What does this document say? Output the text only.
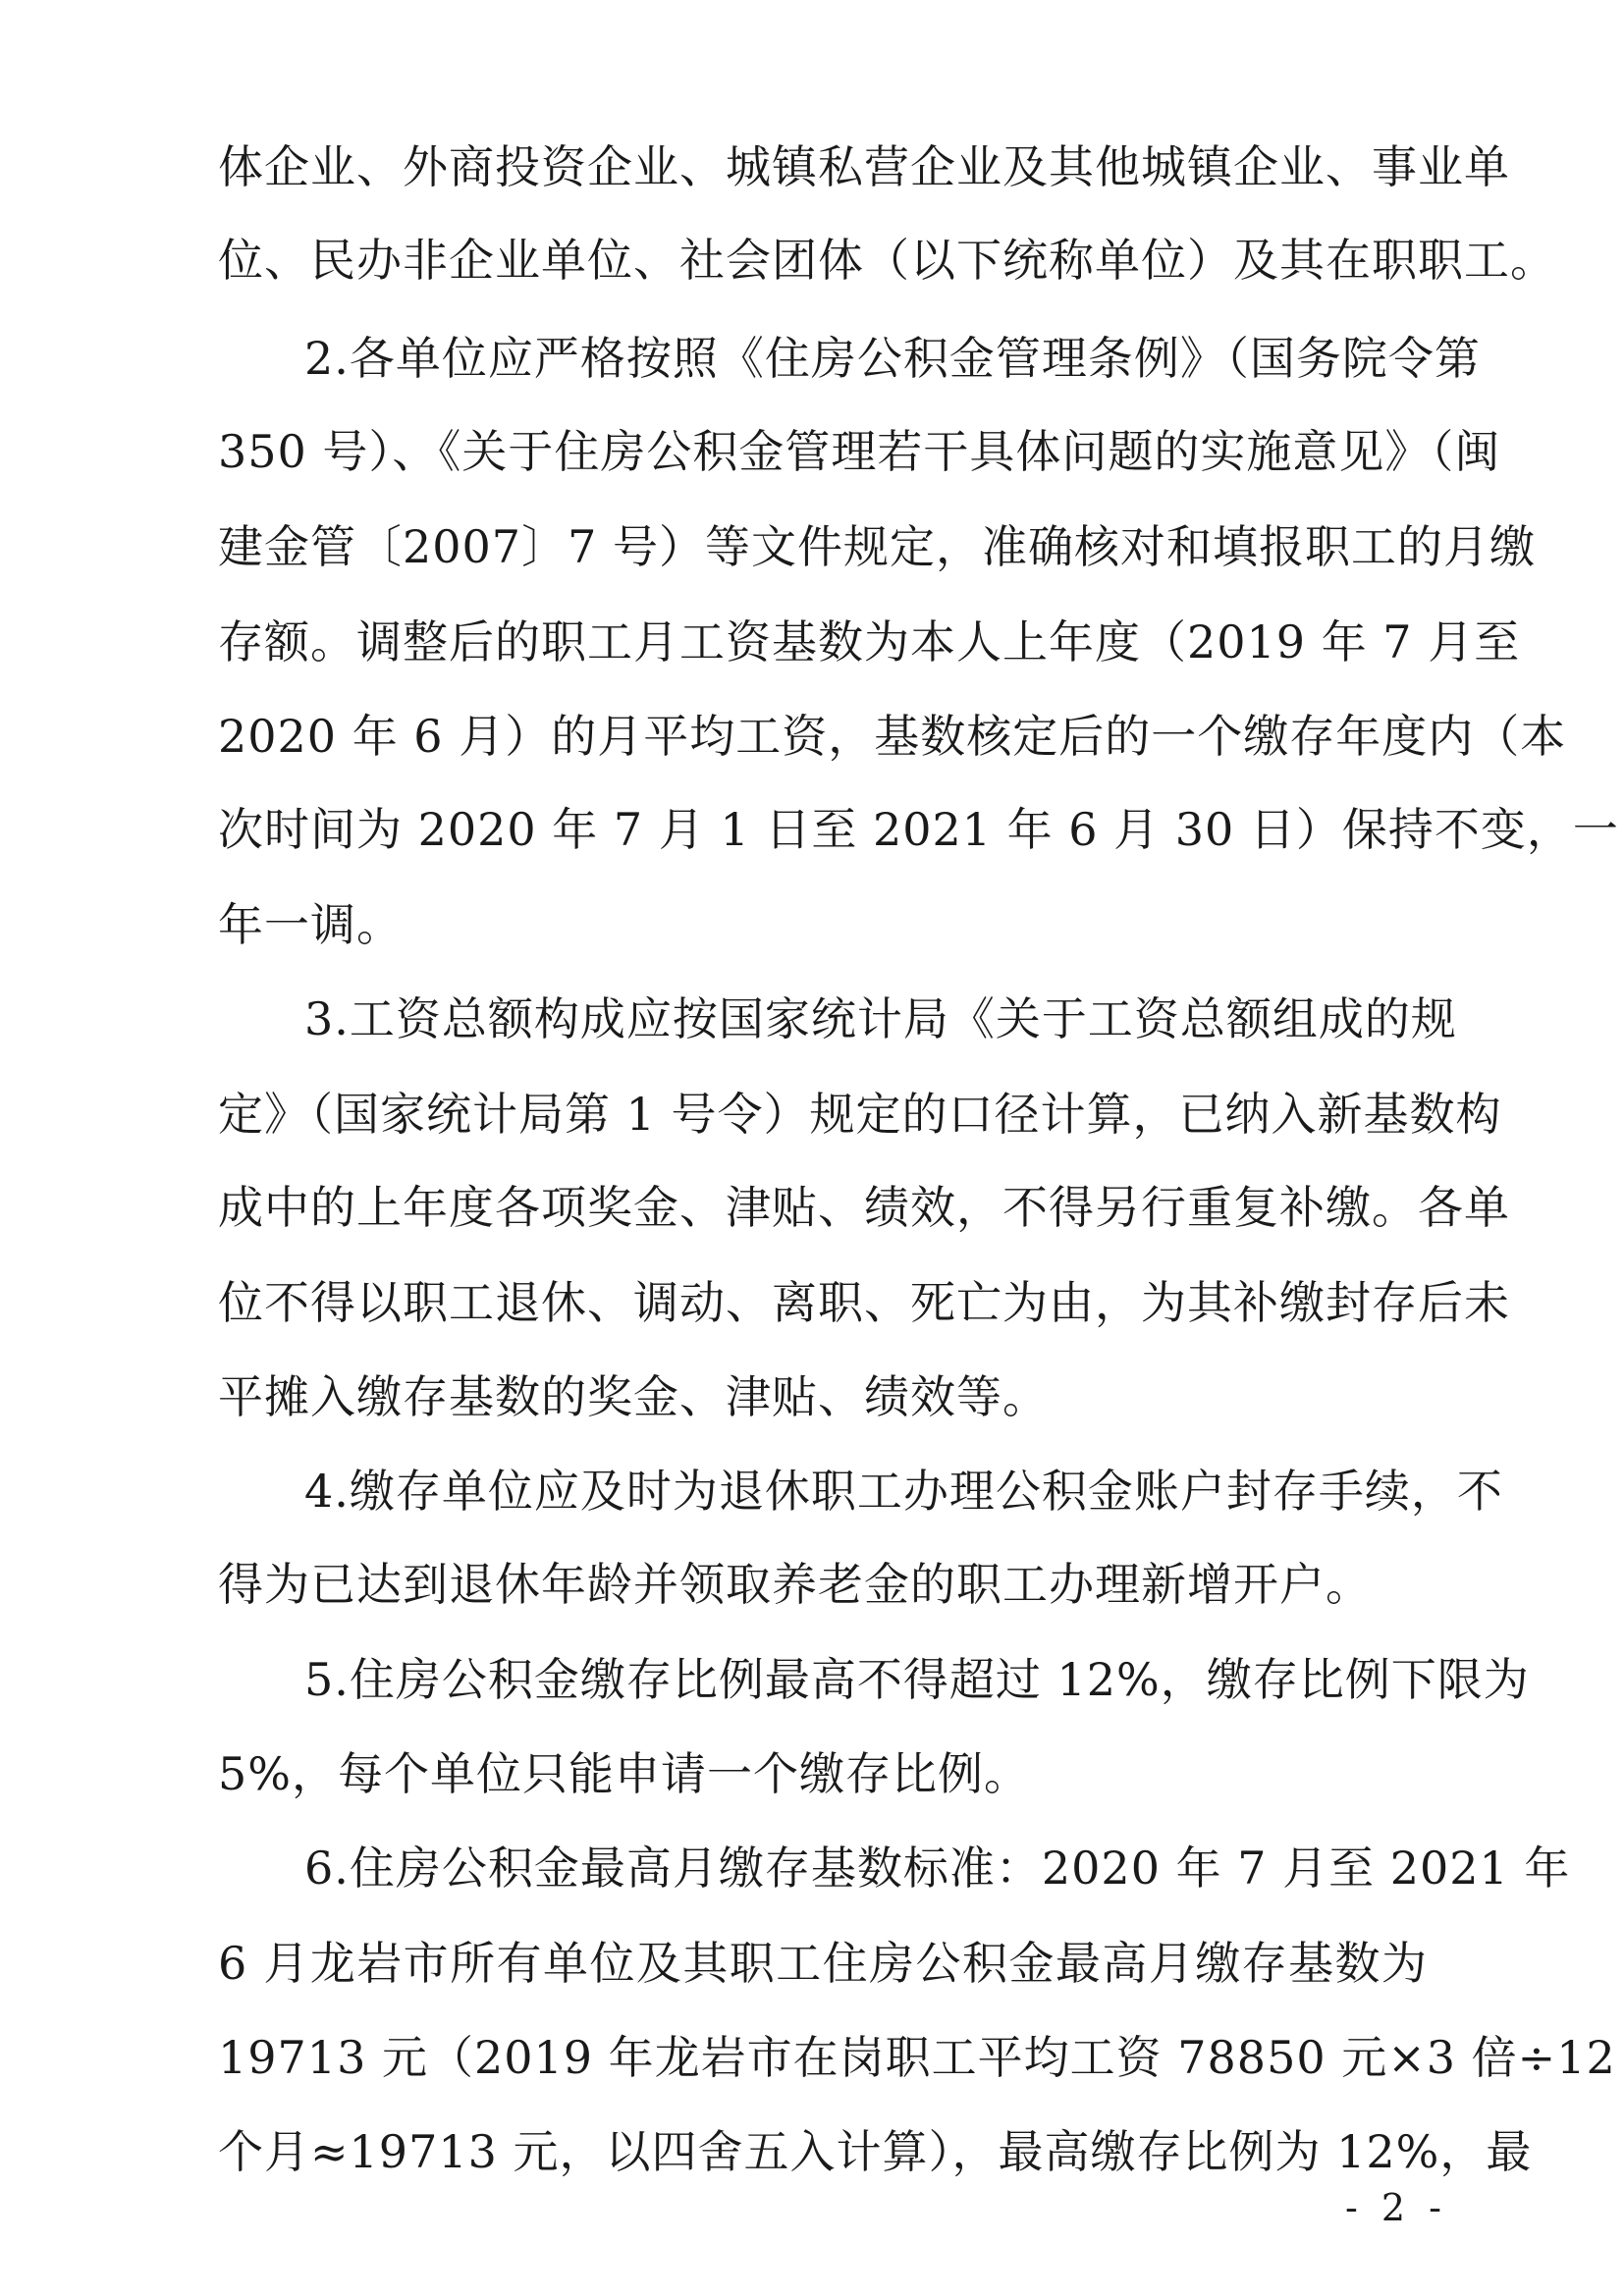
体企业、外商投资企业、城镇私营企业及其他城镇企业、事业单
位、民办非企业单位、社会团体（以下统称单位）及其在职职工。
2.各单位应严格按照《住房公积金管理条例》（国务院令第
350 号）、《关于住房公积金管理若干具体问题的实施意见》（闽
建金管〔2007〕7 号）等文件规定，准确核对和填报职工的月缴
存额。调整后的职工月工资基数为本人上年度（2019 年 7 月至
2020 年 6 月）的月平均工资，基数核定后的一个缴存年度内（本
次时间为 2020 年 7 月 1 日至 2021 年 6 月 30 日）保持不变，一
年一调。
3.工资总额构成应按国家统计局《关于工资总额组成的规
定》（国家统计局第 1 号令）规定的口径计算，已纳入新基数构
成中的上年度各项奖金、津贴、绩效，不得另行重复补缴。各单
位不得以职工退休、调动、离职、死亡为由，为其补缴封存后未
平摊入缴存基数的奖金、津贴、绩效等。
4.缴存单位应及时为退休职工办理公积金账户封存手续，不
得为已达到退休年龄并领取养老金的职工办理新增开户。
5.住房公积金缴存比例最高不得超过 12%，缴存比例下限为
5%，每个单位只能申请一个缴存比例。
6.住房公积金最高月缴存基数标准：2020 年 7 月至 2021 年
6 月龙岩市所有单位及其职工住房公积金最高月缴存基数为
19713 元（2019 年龙岩市在岗职工平均工资 78850 元×3 倍÷12
个月≈19713 元，以四舍五入计算），最高缴存比例为 12%，最
- 2 -
